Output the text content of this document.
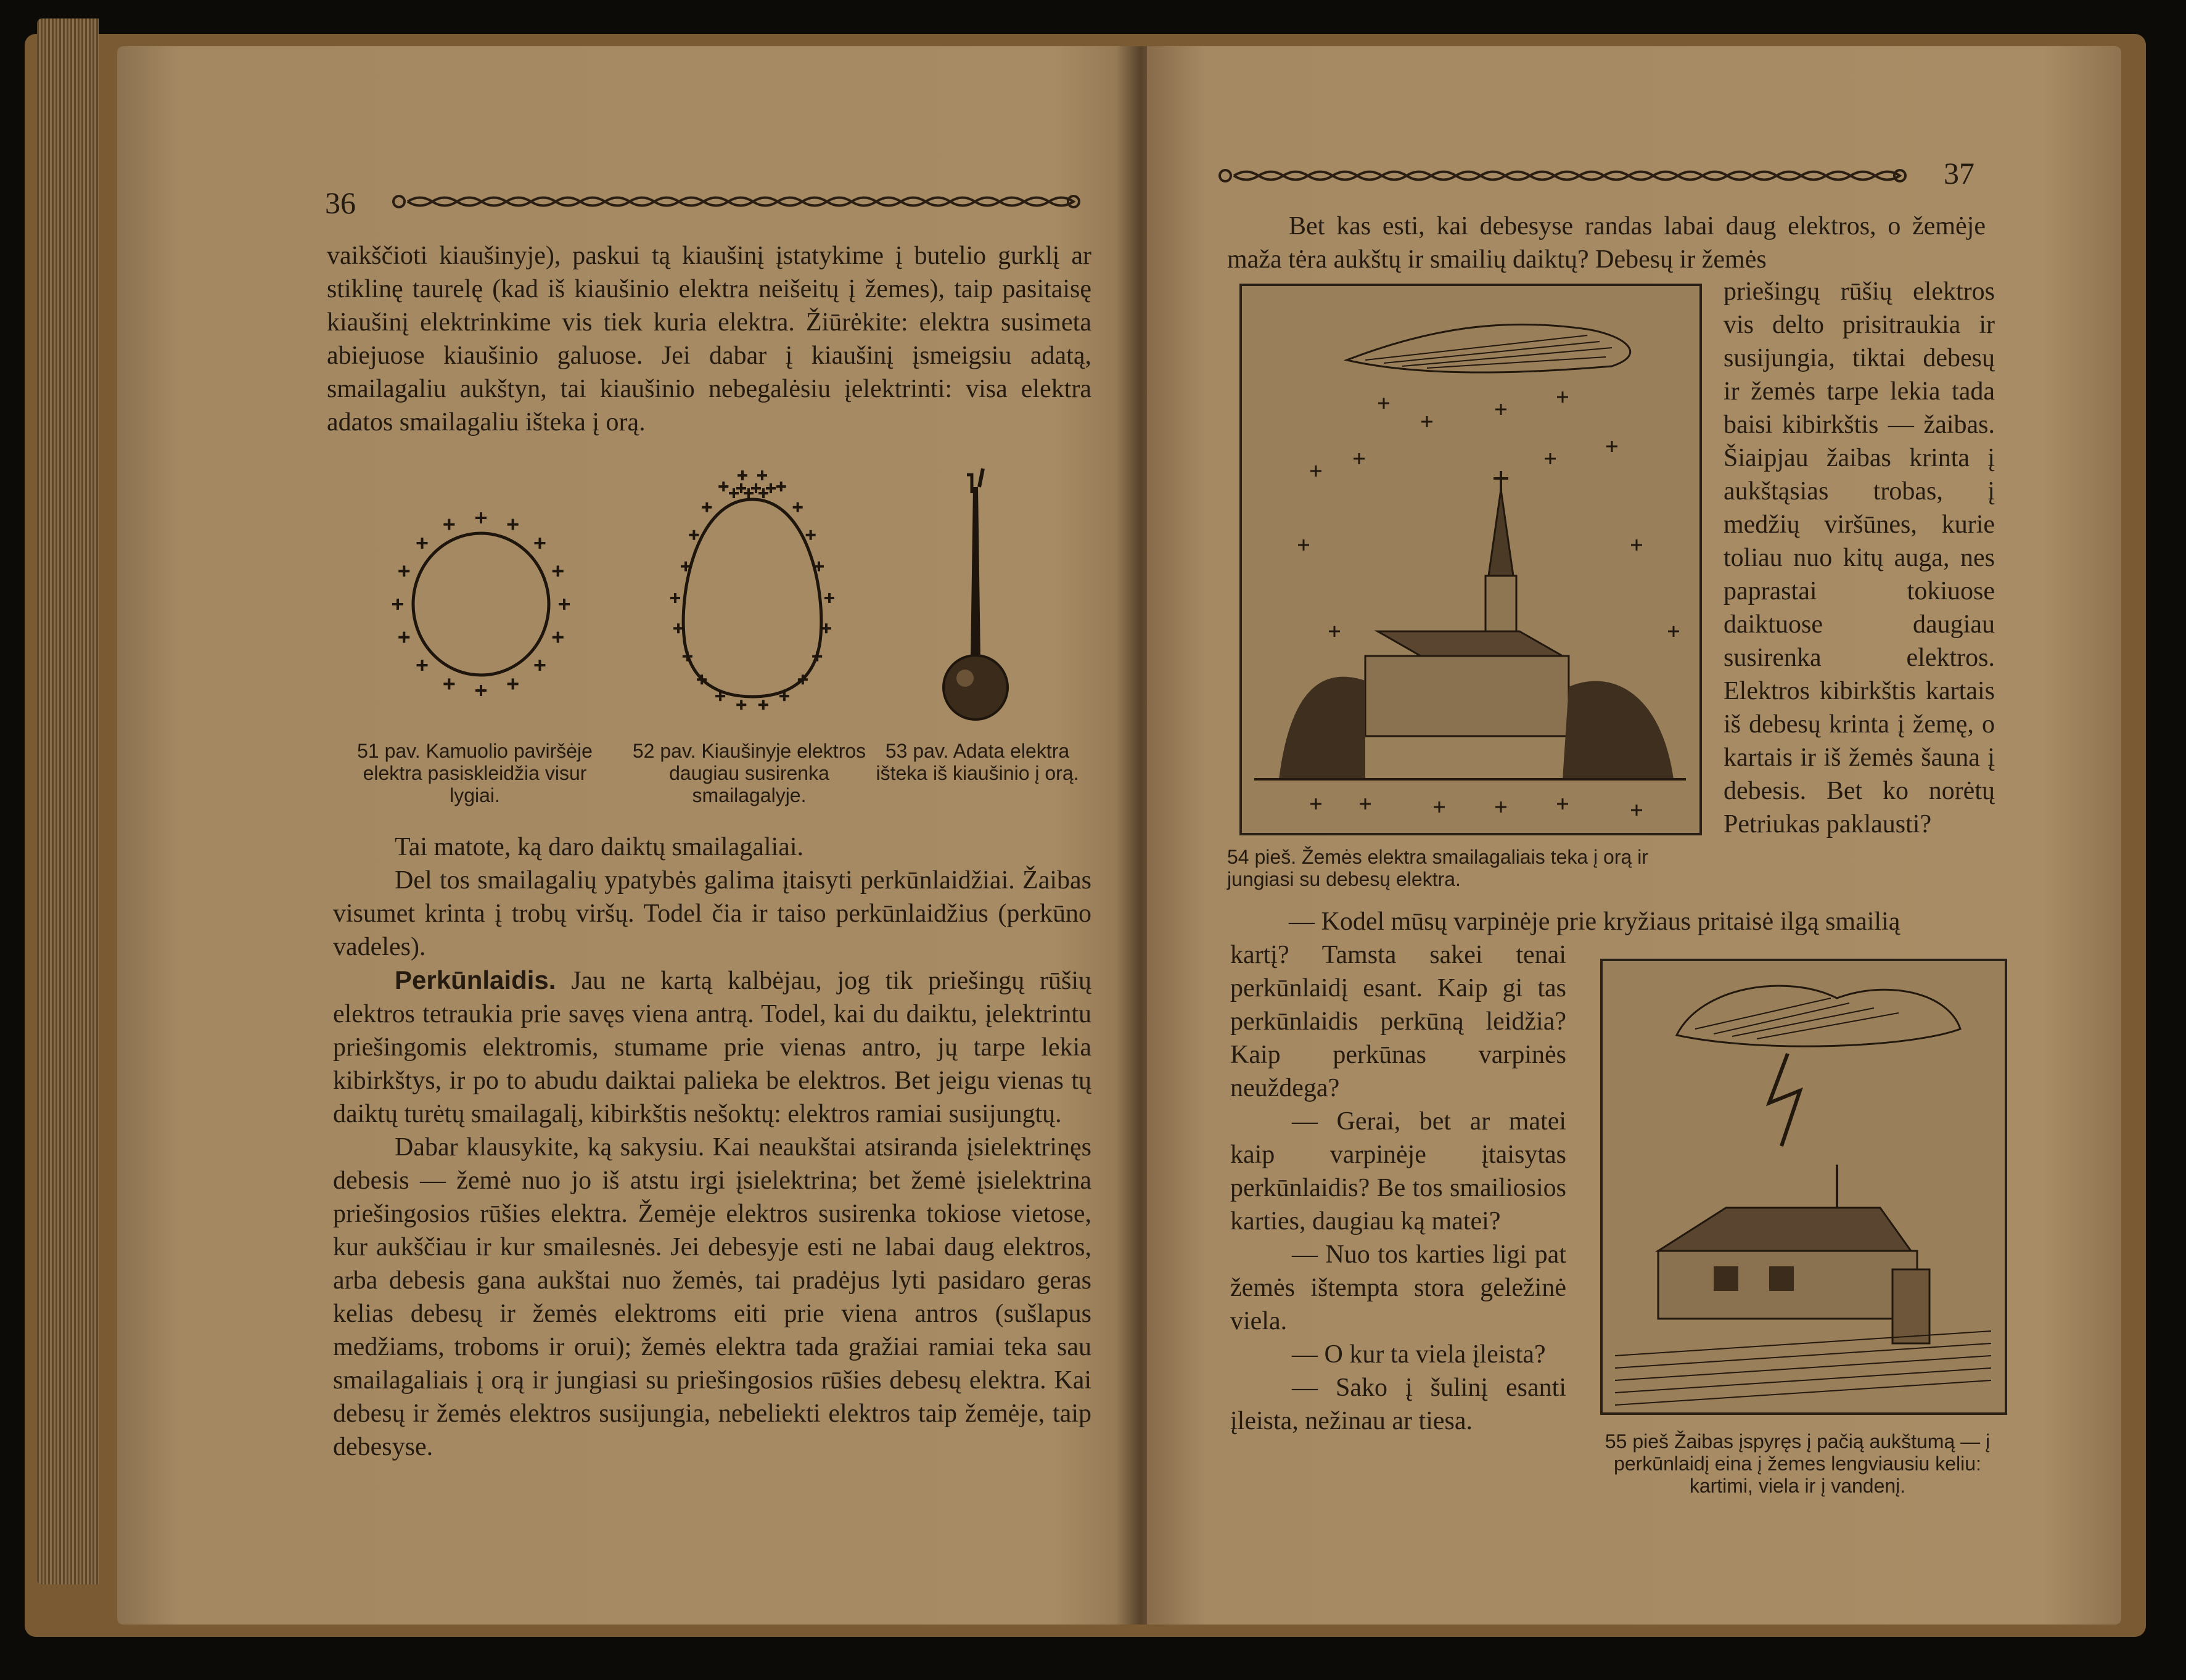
36

vaikščioti kiaušinyje), paskui tą kiaušinį įstatykime į butelio gurklį ar stiklinę taurelę (kad iš kiaušinio elektra neišeitų į žemes), taip pasitaisę kiaušinį elektrinkime vis tiek kuria elektra. Žiūrėkite: elektra susimeta abiejuose kiaušinio galuose. Jei dabar į kiaušinį įsmeigsiu adatą, smailagaliu aukštyn, tai kiaušinio nebegalėsiu įelektrinti: visa elektra adatos smailagaliu išteka į orą.

51 pav. Kamuolio paviršėje elektra pasiskleidžia visur lygiai.
52 pav. Kiaušinyje elektros daugiau susirenka smailagalyje.
53 pav. Adata elektra išteka iš kiaušinio į orą.

Tai matote, ką daro daiktų smailagaliai.

Del tos smailagalių ypatybės galima įtaisyti perkūnlaidžiai. Žaibas visumet krinta į trobų viršų. Todel čia ir taiso perkūnlaidžius (perkūno vadeles).

Perkūnlaidis. Jau ne kartą kalbėjau, jog tik priešingų rūšių elektros tetraukia prie savęs viena antrą. Todel, kai du daiktu, įelektrintu priešingomis elektromis, stumame prie vienas antro, jų tarpe lekia kibirkštys, ir po to abudu daiktai palieka be elektros. Bet jeigu vienas tų daiktų turėtų smailagalį, kibirkštis nešoktų: elektros ramiai susijungtų.

Dabar klausykite, ką sakysiu. Kai neaukštai atsiranda įsielektrinęs debesis — žemė nuo jo iš atstu irgi įsielektrina; bet žemė įsielektrina priešingosios rūšies elektra. Žemėje elektros susirenka tokiose vietose, kur aukščiau ir kur smailesnės. Jei debesyje esti ne labai daug elektros, arba debesis gana aukštai nuo žemės, tai pradėjus lyti pasidaro geras kelias debesų ir žemės elektroms eiti prie viena antros (sušlapus medžiams, troboms ir orui); žemės elektra tada gražiai ramiai teka sau smailagaliais į orą ir jungiasi su priešingosios rūšies debesų elektra. Kai debesų ir žemės elektros susijungia, nebeliekti elektros taip žemėje, taip debesyse.

37
Bet kas esti, kai debesyse randas labai daug elektros, o žemėje maža tėra aukštų ir smailių daiktų? Debesų ir žemės
priešingų rūšių elektros vis delto prisitraukia ir susijungia, tiktai debesų ir žemės tarpe lekia tada baisi kibirkštis — žaibas. Šiaipjau žaibas krinta į aukštąsias trobas, į medžių viršūnes, kurie toliau nuo kitų auga, nes paprastai tokiuose daiktuose daugiau susirenka elektros. Elektros kibirkštis kartais iš debesų krinta į žemę, o kartais ir iš žemės šauna į debesis. Bet ko norėtų Petriukas paklausti?
54 pieš. Žemės elektra smailagaliais teka į orą ir jungiasi su debesų elektra.
— Kodel mūsų varpinėje prie kryžiaus pritaisė ilgą smailią

kartį? Tamsta sakei tenai perkūnlaidį esant. Kaip gi tas perkūnlaidis perkūną leidžia? Kaip perkūnas varpinės neuždega?

— Gerai, bet ar matei kaip varpinėje įtaisytas perkūnlaidis? Be tos smailiosios karties, daugiau ką matei?

— Nuo tos karties ligi pat žemės ištempta stora geležinė viela.

— O kur ta viela įleista?

— Sako į šulinį esanti įleista, nežinau ar tiesa.

55 pieš Žaibas įspyręs į pačią aukštumą — į perkūnlaidį eina į žemes lengviausiu keliu: kartimi, viela ir į vandenį.
